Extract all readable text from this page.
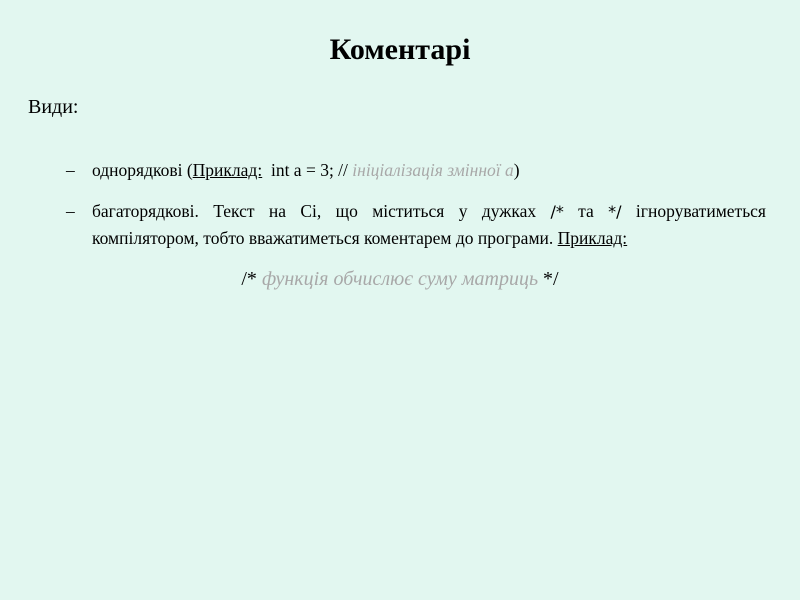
Коментарі
Види:
– однорядкові (Приклад:  int a = 3; // ініціалізація змінної а)
– багаторядкові. Текст на Сі, що міститься у дужках /* та */ ігноруватиметься компілятором, тобто вважатиметься коментарем до програми. Приклад:
/* функція обчислює суму матриць */
